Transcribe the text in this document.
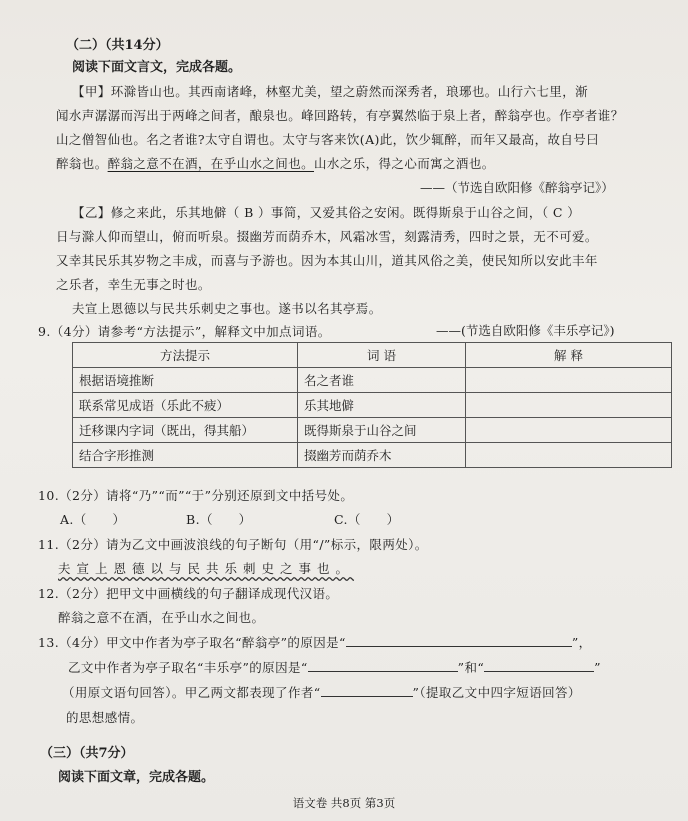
（二）（共14分）
阅读下面文言文，完成各题。
【甲】环滁皆山也。其西南诸峰，林壑尤美，望之蔚然而深秀者，琅琊也。山行六七里，渐
闻水声潺潺而泻出于两峰之间者，酿泉也。峰回路转，有亭翼然临于泉上者，醉翁亭也。作亭者谁？
山之僧智仙也。名之者谁?太守自谓也。太守与客来饮(A)此，饮少辄醉，而年又最高，故自号曰
醉翁也。醉翁之意不在酒，在乎山水之间也。山水之乐，得之心而寓之酒也。
——（节选自欧阳修《醉翁亭记》）
【乙】修之来此，乐其地僻（ B ）事简，又爱其俗之安闲。既得斯泉于山谷之间，（ C ）
日与滁人仰而望山，俯而听泉。掇幽芳而荫乔木，风霜冰雪，刻露清秀，四时之景，无不可爱。
又幸其民乐其岁物之丰成，而喜与予游也。因为本其山川，道其风俗之美，使民知所以安此丰年
之乐者，幸生无事之时也。
夫宣上恩德以与民共乐刺史之事也。遂书以名其亭焉。
——(节选自欧阳修《丰乐亭记》)
9.（4分）请参考“方法提示”，解释文中加点词语。
方法提示	词 语	解 释
根据语境推断	名之者谁	
联系常见成语（乐此不疲）	乐其地僻	
迁移课内字词（既出，得其船）	既得斯泉于山谷之间	
结合字形推测	掇幽芳而荫乔木	
10.（2分）请将“乃”“而”“于”分别还原到文中括号处。
A.（　　）	B.（　　）	C.（　　）
11.（2分）请为乙文中画波浪线的句子断句（用“/”标示，限两处）。
夫宣上恩德以与民共乐刺史之事也。
12.（2分）把甲文中画横线的句子翻译成现代汉语。
醉翁之意不在酒，在乎山水之间也。
13.（4分）甲文中作者为亭子取名“醉翁亭”的原因是“	”，
乙文中作者为亭子取名“丰乐亭”的原因是“	”和“	”
（用原文语句回答）。甲乙两文都表现了作者“	”（提取乙文中四字短语回答）
的思想感情。
（三）（共7分）
阅读下面文章，完成各题。
语文卷 共8页 第3页
